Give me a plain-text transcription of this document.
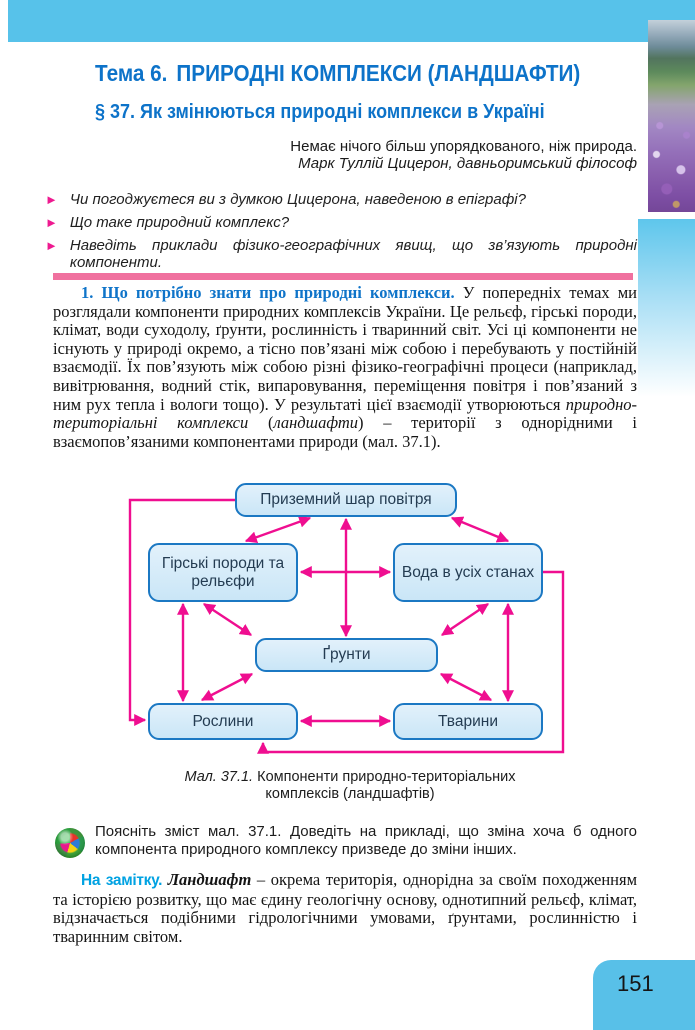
Тема 6. ПРИРОДНІ КОМПЛЕКСИ (ЛАНДШАФТИ)
§ 37. Як змінюються природні комплекси в Україні
Немає нічого більш упорядкованого, ніж природа.
Марк Туллій Цицерон, давньоримський філософ
► Чи погоджуєтеся ви з думкою Цицерона, наведеною в епіграфі?
► Що таке природний комплекс?
► Наведіть приклади фізико-географічних явищ, що зв’язують природні компоненти.

1. Що потрібно знати про природні комплекси. У попередніх темах ми розглядали компоненти природних комплексів України. Це рельєф, гірські породи, клімат, води суходолу, ґрунти, рослинність і тваринний світ. Усі ці компоненти не існують у природі окремо, а тісно пов’язані між собою і перебувають у постійній взаємодії. Їх пов’язують між собою різні фізико-географічні процеси (наприклад, вивітрювання, водний стік, випаровування, переміщення повітря і пов’язаний з ним рух тепла і вологи тощо). У результаті цієї взаємодії утворюються природно-територіальні комплекси (ландшафти) – території з однорідними і взаємопов’язаними компонентами природи (мал. 37.1).

Приземний шар повітря
Гірські породи та рельєфи
Вода в усіх станах
Ґрунти
Рослини	Тварини
Мал. 37.1. Компоненти природно-територіальних комплексів (ландшафтів)
Поясніть зміст мал. 37.1. Доведіть на прикладі, що зміна хоча б одного компонента природного комплексу призведе до зміни інших.

На замітку. Ландшафт – окрема територія, однорідна за своїм походженням та історією розвитку, що має єдину геологічну основу, однотипний рельєф, клімат, відзначається подібними гідрологічними умовами, ґрунтами, рослинністю і тваринним світом.

151
